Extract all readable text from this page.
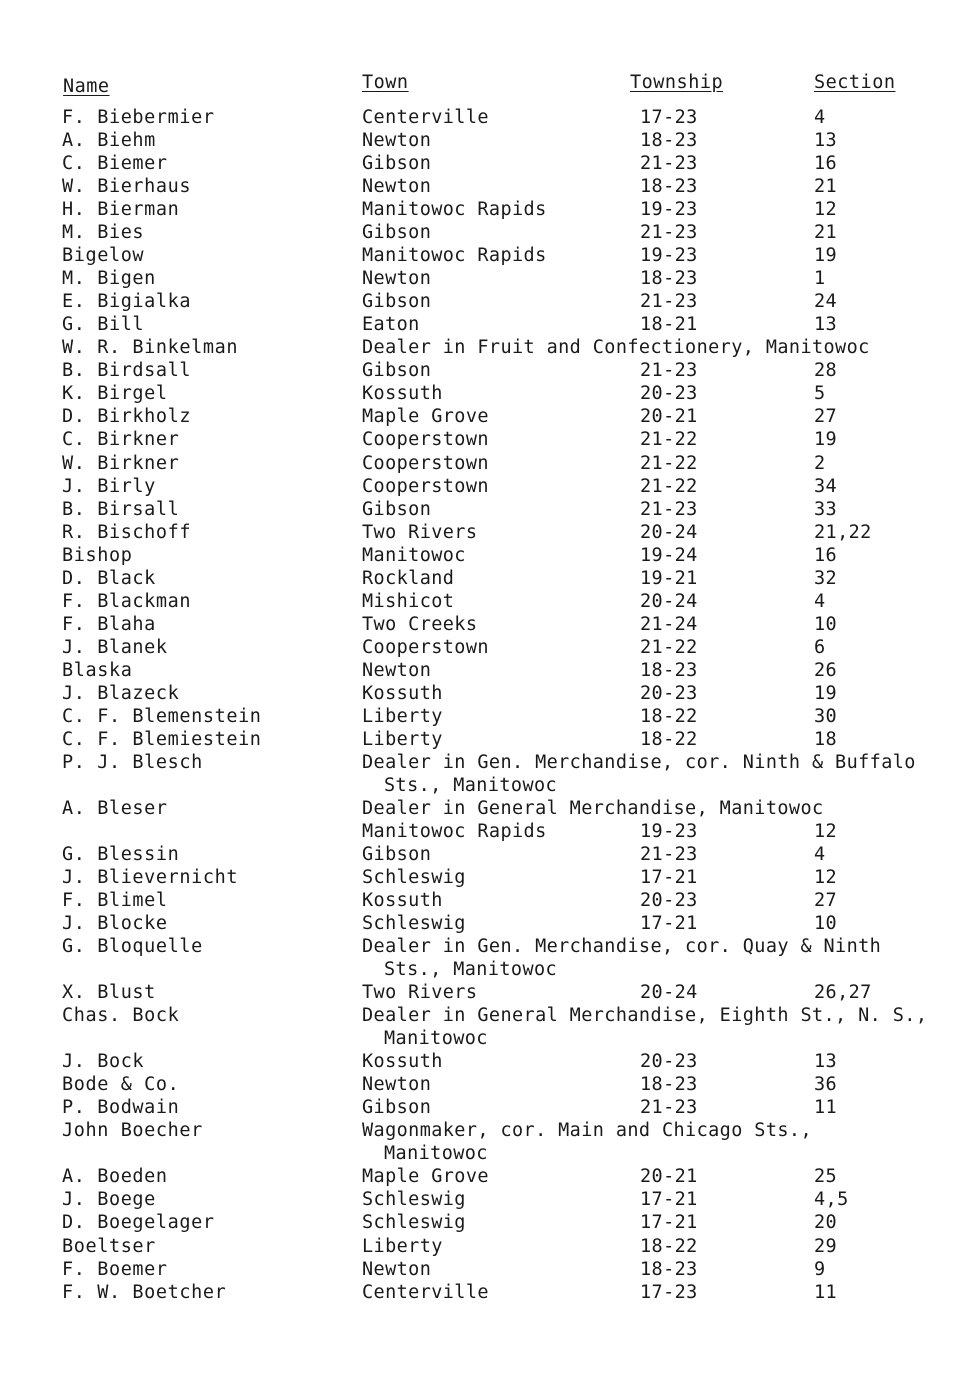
Name	Town	Township	Section
F. Biebermier	Centerville	17-23	4
A. Biehm	Newton	18-23	13
C. Biemer	Gibson	21-23	16
W. Bierhaus	Newton	18-23	21
H. Bierman	Manitowoc Rapids	19-23	12
M. Bies	Gibson	21-23	21
Bigelow	Manitowoc Rapids	19-23	19
M. Bigen	Newton	18-23	1
E. Bigialka	Gibson	21-23	24
G. Bill	Eaton	18-21	13
W. R. Binkelman	Dealer in Fruit and Confectionery, Manitowoc
B. Birdsall	Gibson	21-23	28
K. Birgel	Kossuth	20-23	5
D. Birkholz	Maple Grove	20-21	27
C. Birkner	Cooperstown	21-22	19
W. Birkner	Cooperstown	21-22	2
J. Birly	Cooperstown	21-22	34
B. Birsall	Gibson	21-23	33
R. Bischoff	Two Rivers	20-24	21,22
Bishop	Manitowoc	19-24	16
D. Black	Rockland	19-21	32
F. Blackman	Mishicot	20-24	4
F. Blaha	Two Creeks	21-24	10
J. Blanek	Cooperstown	21-22	6
Blaska	Newton	18-23	26
J. Blazeck	Kossuth	20-23	19
C. F. Blemenstein	Liberty	18-22	30
C. F. Blemiestein	Liberty	18-22	18
P. J. Blesch	Dealer in Gen. Merchandise, cor. Ninth & Buffalo
Sts., Manitowoc
A. Bleser	Dealer in General Merchandise, Manitowoc
Manitowoc Rapids	19-23	12
G. Blessin	Gibson	21-23	4
J. Blievernicht	Schleswig	17-21	12
F. Blimel	Kossuth	20-23	27
J. Blocke	Schleswig	17-21	10
G. Bloquelle	Dealer in Gen. Merchandise, cor. Quay & Ninth
Sts., Manitowoc
X. Blust	Two Rivers	20-24	26,27
Chas. Bock	Dealer in General Merchandise, Eighth St., N. S.,
Manitowoc
J. Bock	Kossuth	20-23	13
Bode & Co.	Newton	18-23	36
P. Bodwain	Gibson	21-23	11
John Boecher	Wagonmaker, cor. Main and Chicago Sts.,
Manitowoc
A. Boeden	Maple Grove	20-21	25
J. Boege	Schleswig	17-21	4,5
D. Boegelager	Schleswig	17-21	20
Boeltser	Liberty	18-22	29
F. Boemer	Newton	18-23	9
F. W. Boetcher	Centerville	17-23	11
